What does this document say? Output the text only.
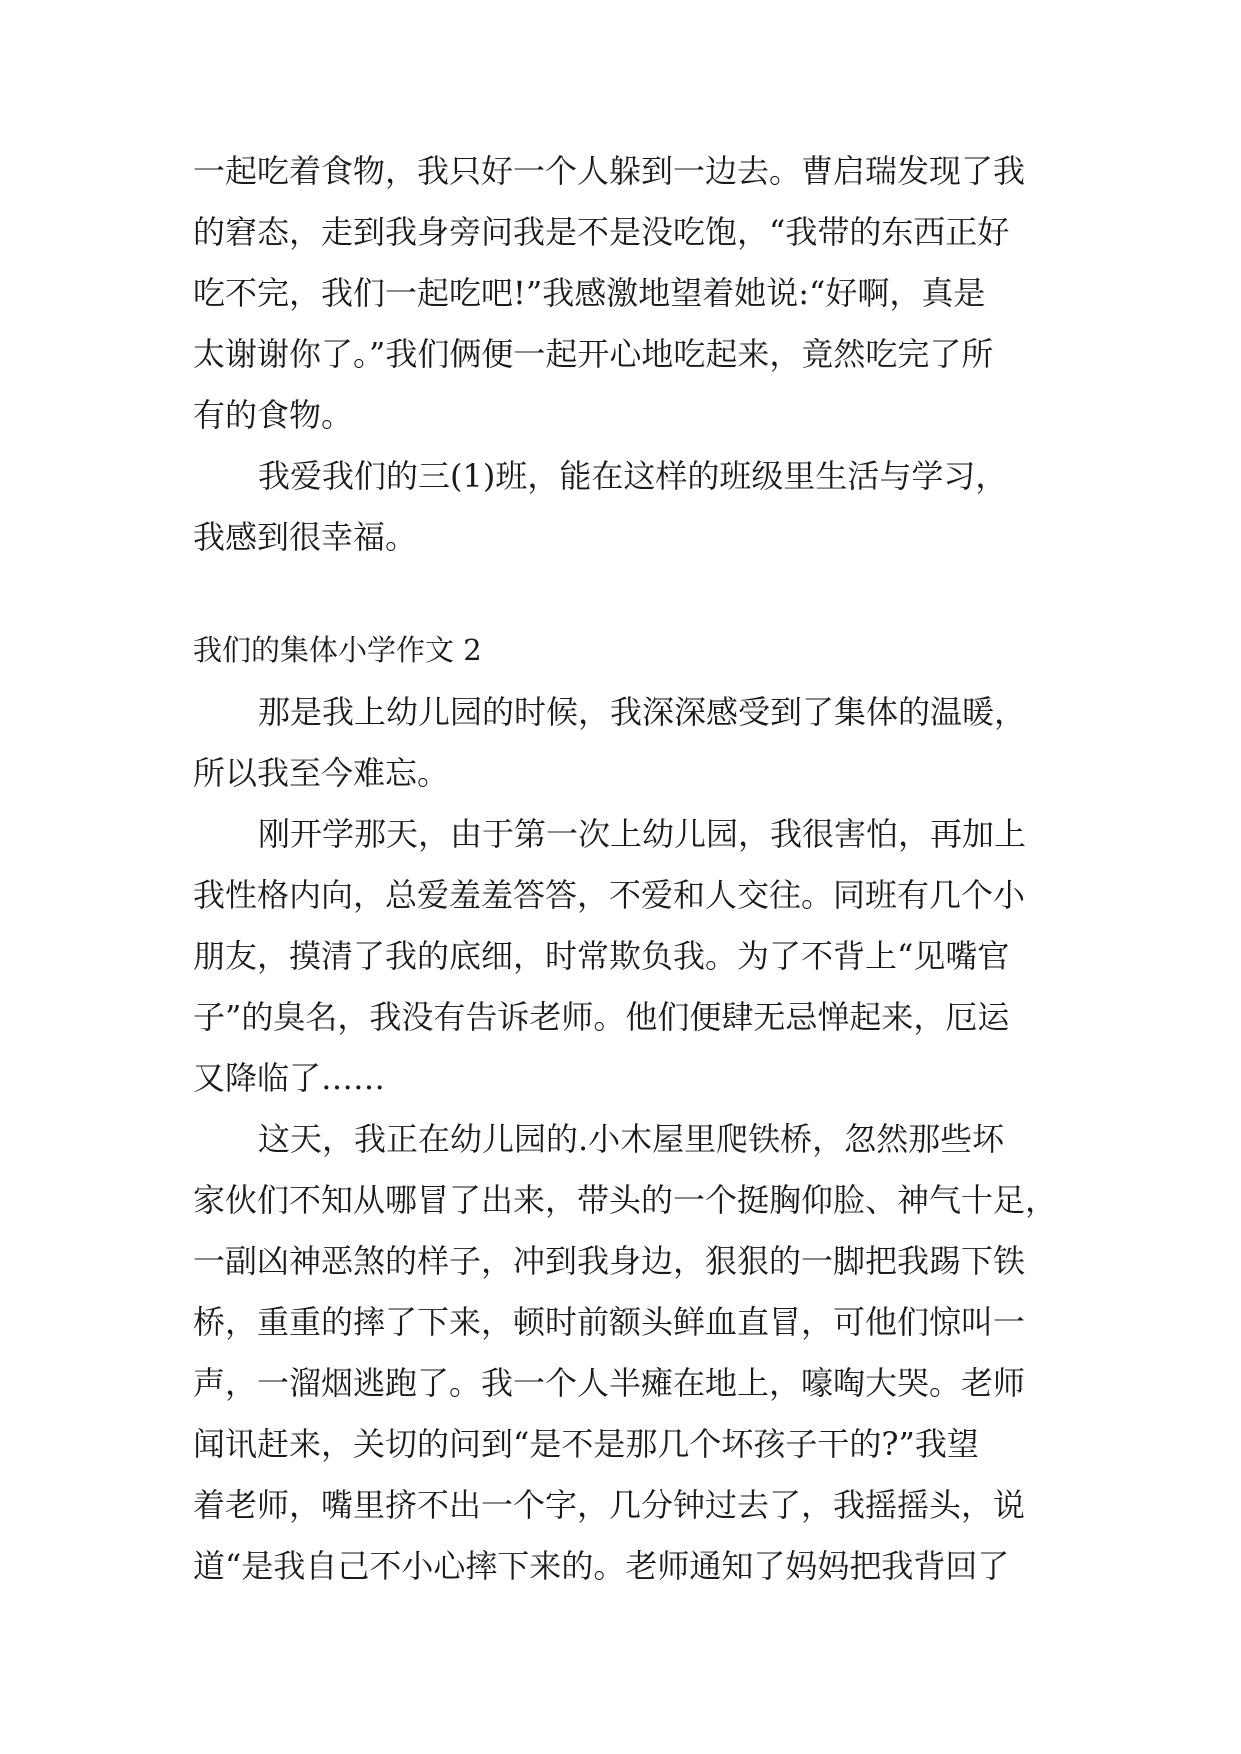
一起吃着食物，我只好一个人躲到一边去。曹启瑞发现了我
的窘态，走到我身旁问我是不是没吃饱，“我带的东西正好
吃不完，我们一起吃吧!”我感激地望着她说:“好啊，真是
太谢谢你了。”我们俩便一起开心地吃起来，竟然吃完了所
有的食物。
我爱我们的三(1)班，能在这样的班级里生活与学习，
我感到很幸福。
我们的集体小学作文 2
那是我上幼儿园的时候，我深深感受到了集体的温暖，
所以我至今难忘。
刚开学那天，由于第一次上幼儿园，我很害怕，再加上
我性格内向，总爱羞羞答答，不爱和人交往。同班有几个小
朋友，摸清了我的底细，时常欺负我。为了不背上“见嘴官
子”的臭名，我没有告诉老师。他们便肆无忌惮起来，厄运
又降临了……
这天，我正在幼儿园的.小木屋里爬铁桥，忽然那些坏
家伙们不知从哪冒了出来，带头的一个挺胸仰脸、神气十足，
一副凶神恶煞的样子，冲到我身边，狠狠的一脚把我踢下铁
桥，重重的摔了下来，顿时前额头鲜血直冒，可他们惊叫一
声，一溜烟逃跑了。我一个人半瘫在地上，嚎啕大哭。老师
闻讯赶来，关切的问到“是不是那几个坏孩子干的?”我望
着老师，嘴里挤不出一个字，几分钟过去了，我摇摇头，说
道“是我自己不小心摔下来的。老师通知了妈妈把我背回了
